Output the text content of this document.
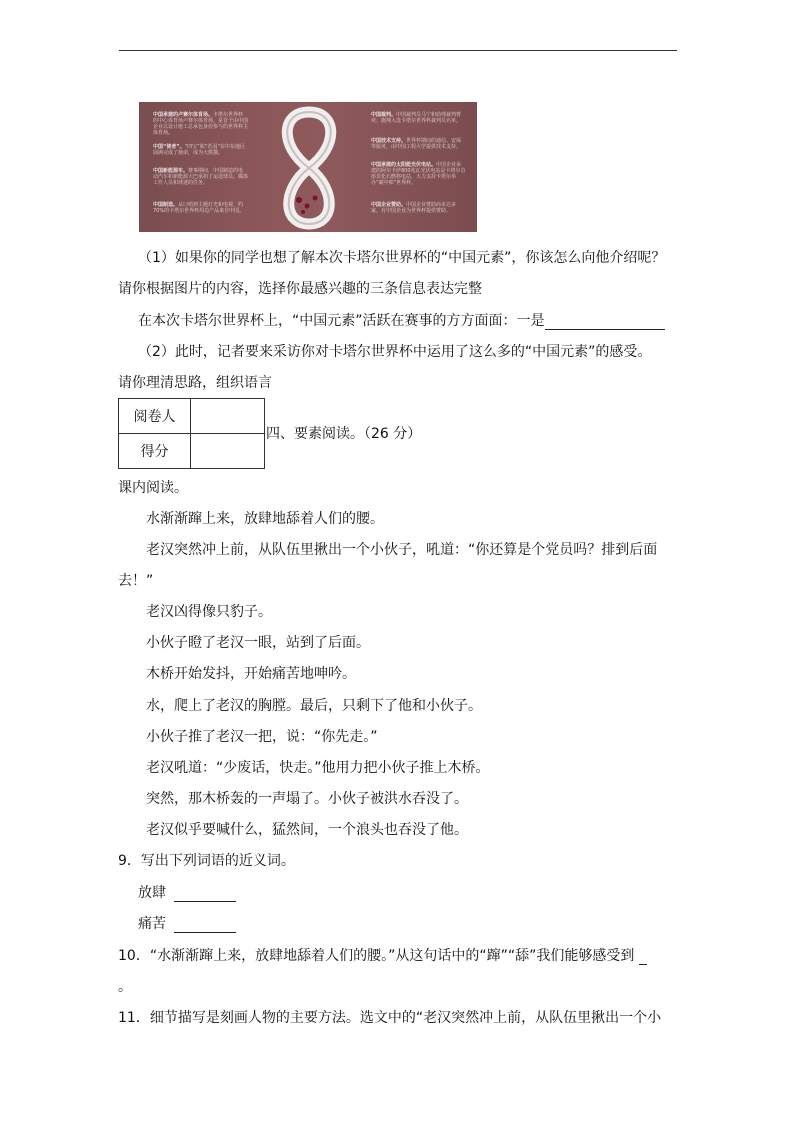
中国承建的卢赛尔体育场。卡塔尔世界杯的中心体育场卢赛尔体育场，是首个由中国企业以设计施工总承包身份参与的世界杯主体育场。
中国“使者”。“四宝”和“若羽”在中东地区圆满完成了使命，成为大熊猫。
中国新能源车。赛事期间，中国制造的电动汽车和新能源大巴承担了运送球员、媒体工作人员和球迷的任务。
中国制造。从口哨到主题灯光和电视，约70%的卡塔尔世界杯周边产品来自中国。
中国裁判。中国裁判员马宁和助理裁判曹奕、施翔入选卡塔尔世界杯裁判员名单。
中国技术支持。世界杯期间的通信、安保等服务，由中国工程大学提供技术支持。
中国承建的太阳能光伏电站。中国企业承建的阿尔卡萨800兆瓦光伏电站是卡塔尔首座非化石燃料电站，大力支持卡塔尔举办“碳中和”世界杯。
中国企业赞助。中国企业赞助商多达多家，有中国企业为世界杯提供赞助。
（1）如果你的同学也想了解本次卡塔尔世界杯的“中国元素”，你该怎么向他介绍呢？
请你根据图片的内容，选择你最感兴趣的三条信息表达完整
在本次卡塔尔世界杯上，“中国元素”活跃在赛事的方方面面：一是
（2）此时，记者要来采访你对卡塔尔世界杯中运用了这么多的“中国元素”的感受。
请你理清思路，组织语言
阅卷人	
得分	
四、要素阅读。（26 分）
课内阅读。
水渐渐蹿上来，放肆地舔着人们的腰。
老汉突然冲上前，从队伍里揪出一个小伙子，吼道：“你还算是个党员吗？排到后面
去！”
老汉凶得像只豹子。
小伙子瞪了老汉一眼，站到了后面。
木桥开始发抖，开始痛苦地呻吟。
水，爬上了老汉的胸膛。最后，只剩下了他和小伙子。
小伙子推了老汉一把，说：“你先走。”
老汉吼道：“少废话，快走。”他用力把小伙子推上木桥。
突然，那木桥轰的一声塌了。小伙子被洪水吞没了。
老汉似乎要喊什么，猛然间，一个浪头也吞没了他。
9．写出下列词语的近义词。
放肆
痛苦
10．“水渐渐蹿上来，放肆地舔着人们的腰。”从这句话中的“蹿”“舔”我们能够感受到
。
11．细节描写是刻画人物的主要方法。选文中的“老汉突然冲上前，从队伍里揪出一个小
